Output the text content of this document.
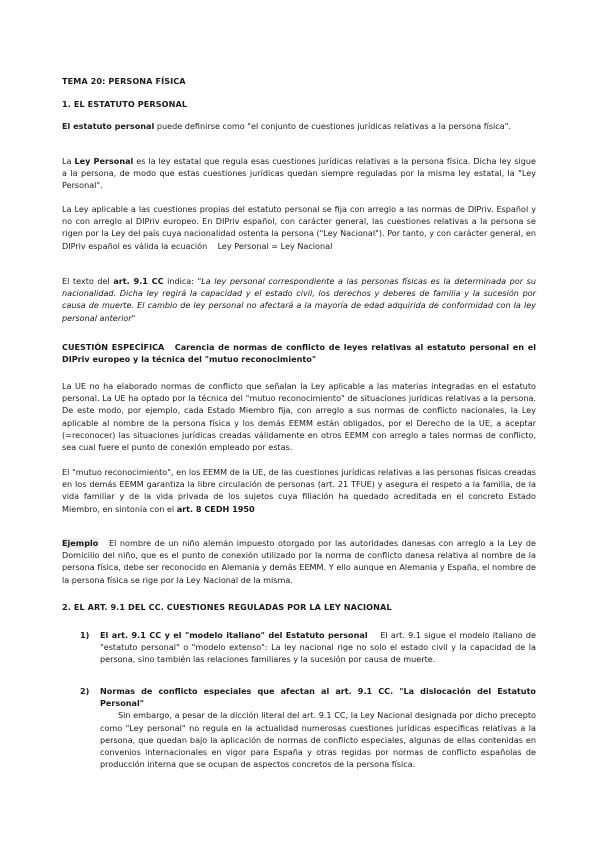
TEMA 20: PERSONA FÍSICA
1. EL ESTATUTO PERSONAL

El estatuto personal puede definirse como "el conjunto de cuestiones jurídicas relativas a la persona física".

La Ley Personal es la ley estatal que regula esas cuestiones jurídicas relativas a la persona física. Dicha ley sigue a la persona, de modo que estas cuestiones jurídicas quedan siempre reguladas por la misma ley estatal, la "Ley Personal".

La Ley aplicable a las cuestiones propias del estatuto personal se fija con arreglo a las normas de DIPriv. Español y no con arreglo al DIPriv europeo. En DIPriv español, con carácter general, las cuestiones relativas a la persona se rigen por la Ley del país cuya nacionalidad ostenta la persona ("Ley Nacional"). Por tanto, y con carácter general, en DIPriv español es válida la ecuación Ley Personal = Ley Nacional

El texto del art. 9.1 CC indica: "La ley personal correspondiente a las personas físicas es la determinada por su nacionalidad. Dicha ley regirá la capacidad y el estado civil, los derechos y deberes de familia y la sucesión por causa de muerte. El cambio de ley personal no afectará a la mayoría de edad adquirida de conformidad con la ley personal anterior"

CUESTIÓN ESPECÍFICA Carencia de normas de conflicto de leyes relativas al estatuto personal en el DIPriv europeo y la técnica del "mutuo reconocimiento"

La UE no ha elaborado normas de conflicto que señalan la Ley aplicable a las materias integradas en el estatuto personal. La UE ha optado por la técnica del "mutuo reconocimiento" de situaciones jurídicas relativas a la persona. De este modo, por ejemplo, cada Estado Miembro fija, con arreglo a sus normas de conflicto nacionales, la Ley aplicable al nombre de la persona física y los demás EEMM están obligados, por el Derecho de la UE, a aceptar (=reconocer) las situaciones jurídicas creadas válidamente en otros EEMM con arreglo a tales normas de conflicto, sea cual fuere el punto de conexión empleado por estas.

El "mutuo reconocimiento", en los EEMM de la UE, de las cuestiones jurídicas relativas a las personas físicas creadas en los demás EEMM garantiza la libre circulación de personas (art. 21 TFUE) y asegura el respeto a la familia, de la vida familiar y de la vida privada de los sujetos cuya filiación ha quedado acreditada en el concreto Estado Miembro, en sintonía con el art. 8 CEDH 1950

Ejemplo El nombre de un niño alemán impuesto otorgado por las autoridades danesas con arreglo a la Ley de Domicilio del niño, que es el punto de conexión utilizado por la norma de conflicto danesa relativa al nombre de la persona física, debe ser reconocido en Alemania y demás EEMM. Y ello aunque en Alemania y España, el nombre de la persona física se rige por la Ley Nacional de la misma.

2. EL ART. 9.1 DEL CC. CUESTIONES REGULADAS POR LA LEY NACIONAL
1) El art. 9.1 CC y el "modelo italiano" del Estatuto personal El art. 9.1 sigue el modelo italiano de "estatuto personal" o "modelo extenso": La ley nacional rige no solo el estado civil y la capacidad de la persona, sino también las relaciones familiares y la sucesión por causa de muerte.

2) Normas de conflicto especiales que afectan al art. 9.1 CC. "La dislocación del Estatuto Personal"

Sin embargo, a pesar de la dicción literal del art. 9.1 CC, la Ley Nacional designada por dicho precepto como "Ley personal" no regula en la actualidad numerosas cuestiones jurídicas específicas relativas a la persona, que quedan bajo la aplicación de normas de conflicto especiales, algunas de ellas contenidas en convenios internacionales en vigor para España y otras regidas por normas de conflicto españolas de producción interna que se ocupan de aspectos concretos de la persona física.
